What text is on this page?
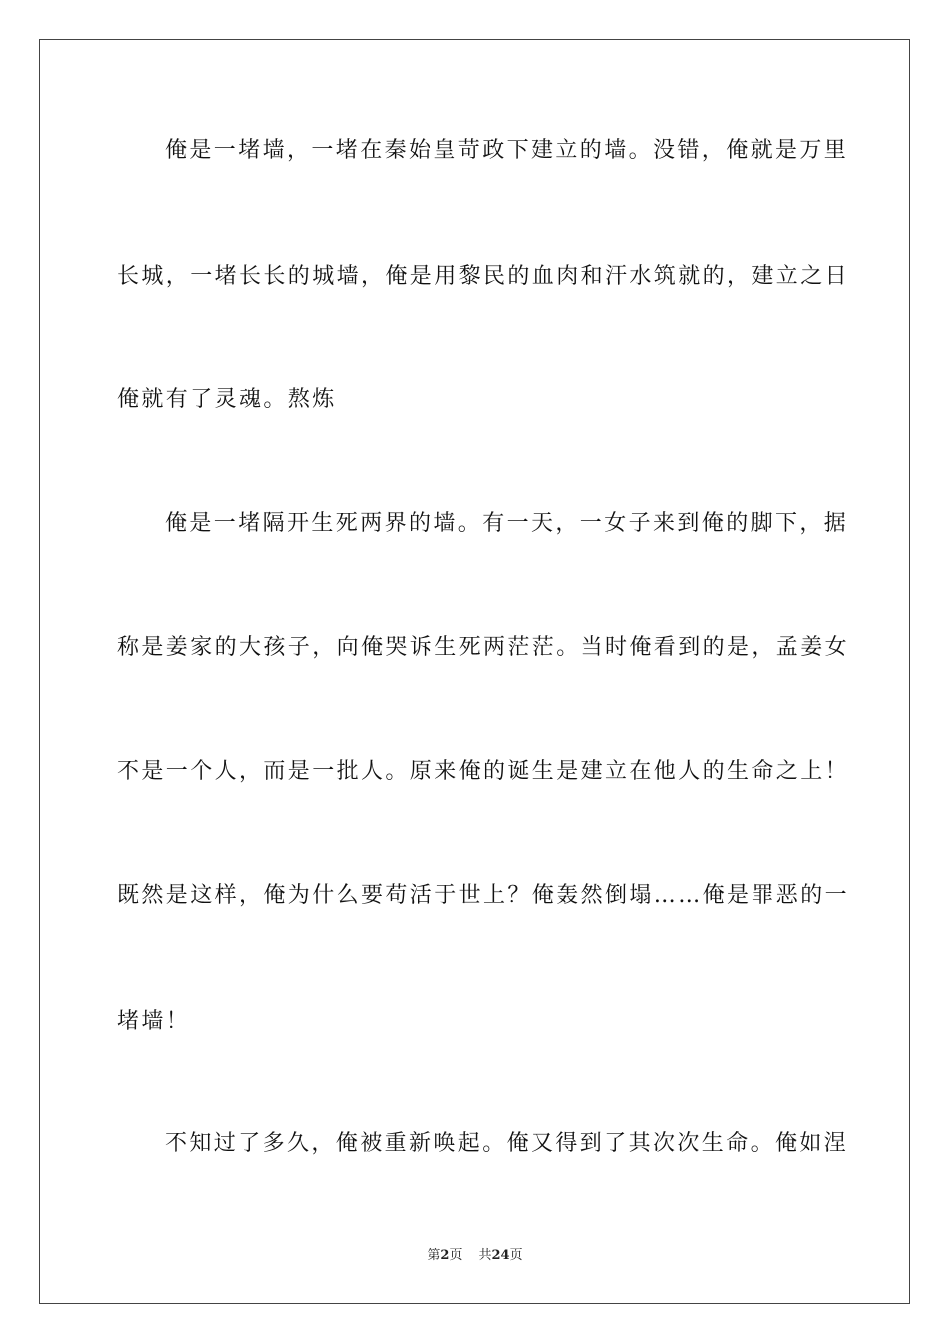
俺是一堵墙，一堵在秦始皇苛政下建立的墙。没错，俺就是万里
长城，一堵长长的城墙，俺是用黎民的血肉和汗水筑就的，建立之日
俺就有了灵魂。熬炼
俺是一堵隔开生死两界的墙。有一天，一女子来到俺的脚下，据
称是姜家的大孩子，向俺哭诉生死两茫茫。当时俺看到的是，孟姜女
不是一个人，而是一批人。原来俺的诞生是建立在他人的生命之上！
既然是这样，俺为什么要苟活于世上？俺轰然倒塌……俺是罪恶的一
堵墙！
不知过了多久，俺被重新唤起。俺又得到了其次次生命。俺如涅
第2页 共24页
